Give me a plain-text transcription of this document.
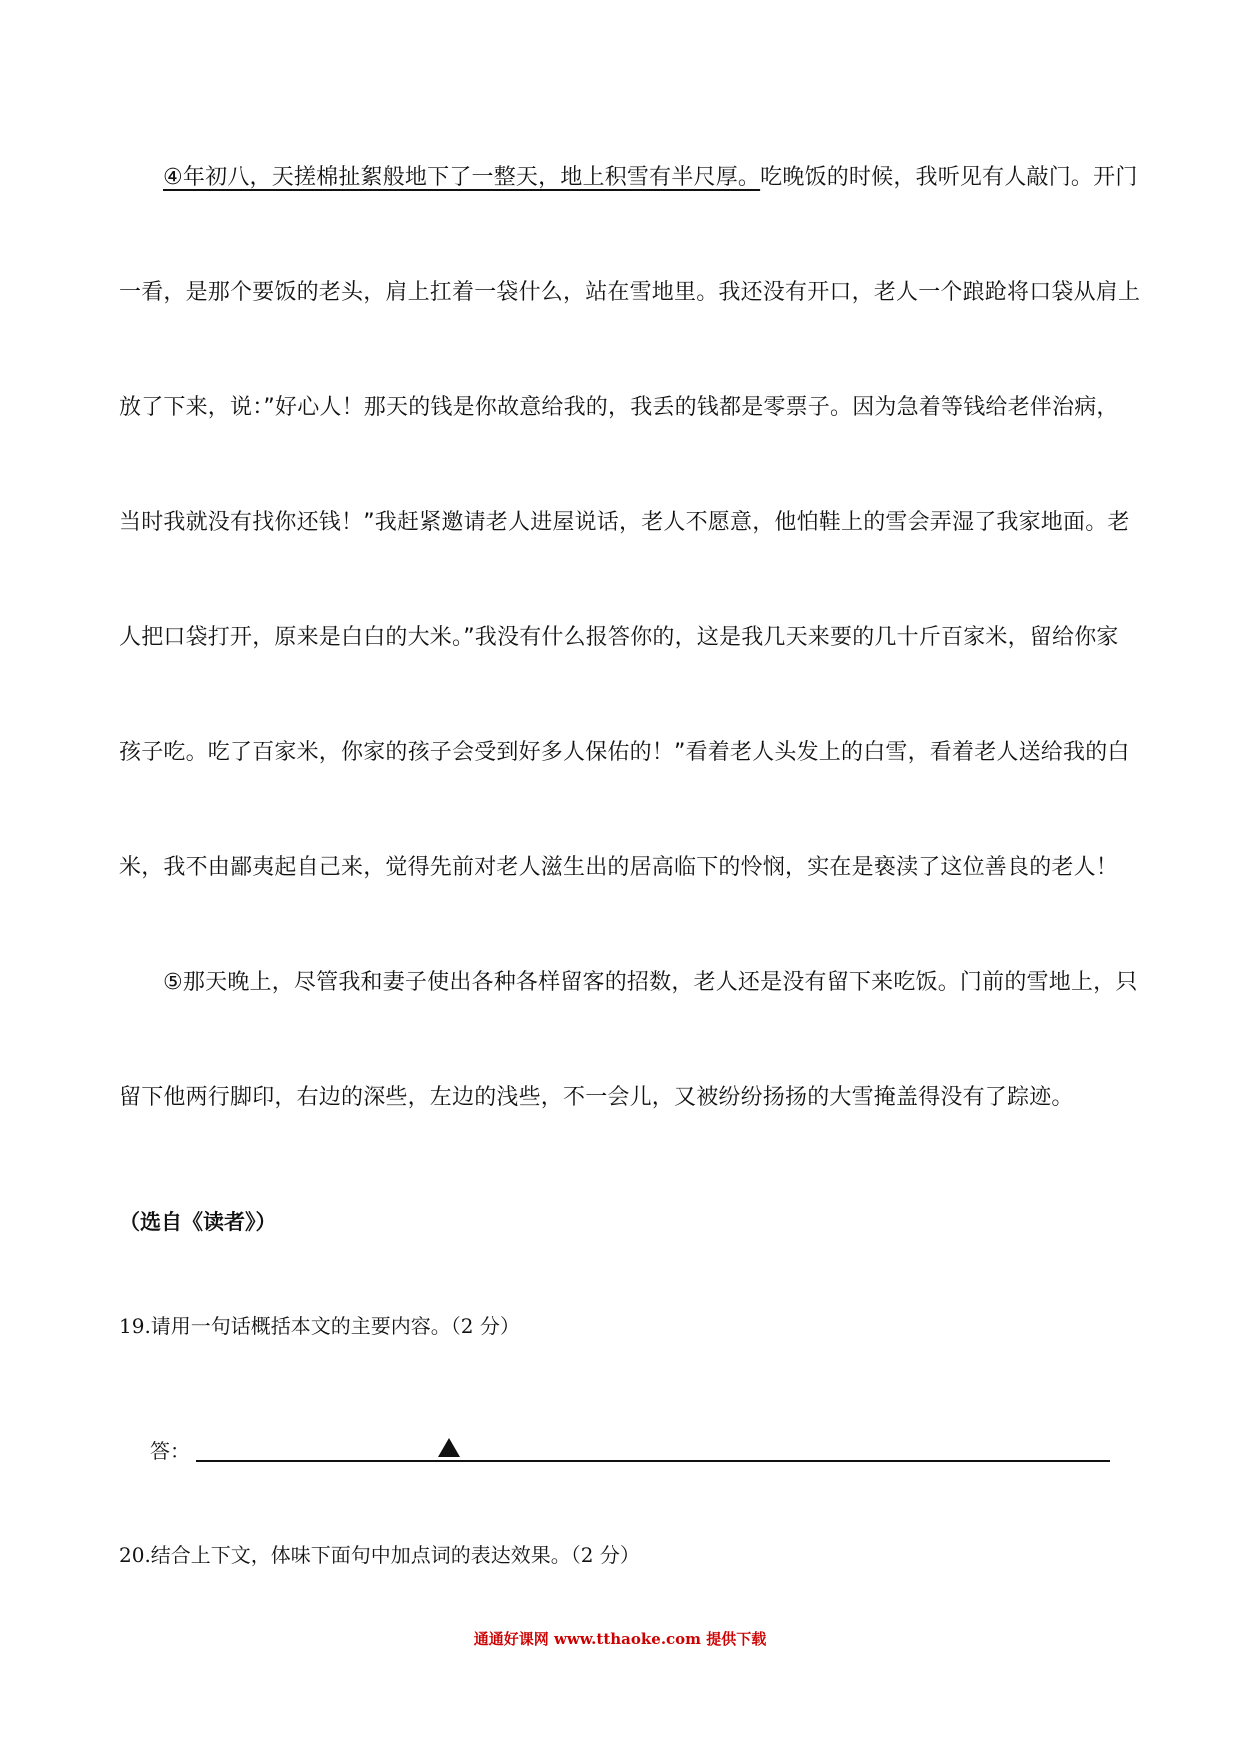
④年初八，天搓棉扯絮般地下了一整天，地上积雪有半尺厚。吃晚饭的时候，我听见有人敲门。开门
一看，是那个要饭的老头，肩上扛着一袋什么，站在雪地里。我还没有开口，老人一个踉跄将口袋从肩上
放了下来，说：”好心人！那天的钱是你故意给我的，我丢的钱都是零票子。因为急着等钱给老伴治病，
当时我就没有找你还钱！”我赶紧邀请老人进屋说话，老人不愿意，他怕鞋上的雪会弄湿了我家地面。老
人把口袋打开，原来是白白的大米。”我没有什么报答你的，这是我几天来要的几十斤百家米，留给你家
孩子吃。吃了百家米，你家的孩子会受到好多人保佑的！”看着老人头发上的白雪，看着老人送给我的白
米，我不由鄙夷起自己来，觉得先前对老人滋生出的居高临下的怜悯，实在是亵渎了这位善良的老人！
⑤那天晚上，尽管我和妻子使出各种各样留客的招数，老人还是没有留下来吃饭。门前的雪地上，只
留下他两行脚印，右边的深些，左边的浅些，不一会儿，又被纷纷扬扬的大雪掩盖得没有了踪迹。
（选自《读者》）
19.请用一句话概括本文的主要内容。（2 分）
答：
20.结合上下文，体味下面句中加点词的表达效果。（2 分）
通通好课网 www.tthaoke.com 提供下载
